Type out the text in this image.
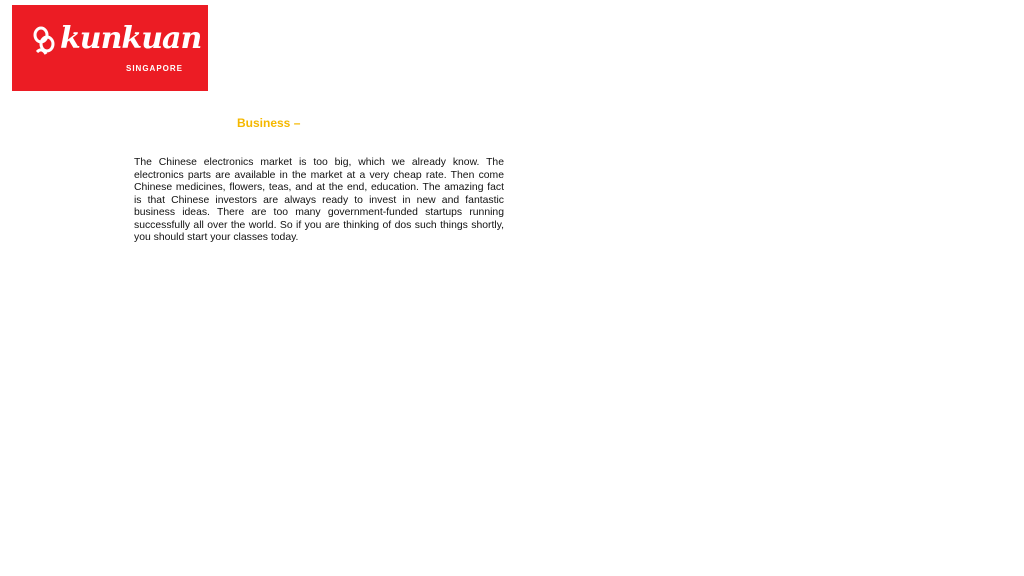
kunkuan
SINGAPORE
Business –

The Chinese electronics market is too big, which we already know. The electronics parts are available in the market at a very cheap rate. Then come Chinese medicines, flowers, teas, and at the end, education. The amazing fact is that Chinese investors are always ready to invest in new and fantastic business ideas. There are too many government-funded startups running successfully all over the world. So if you are thinking of dos such things shortly, you should start your classes today.
